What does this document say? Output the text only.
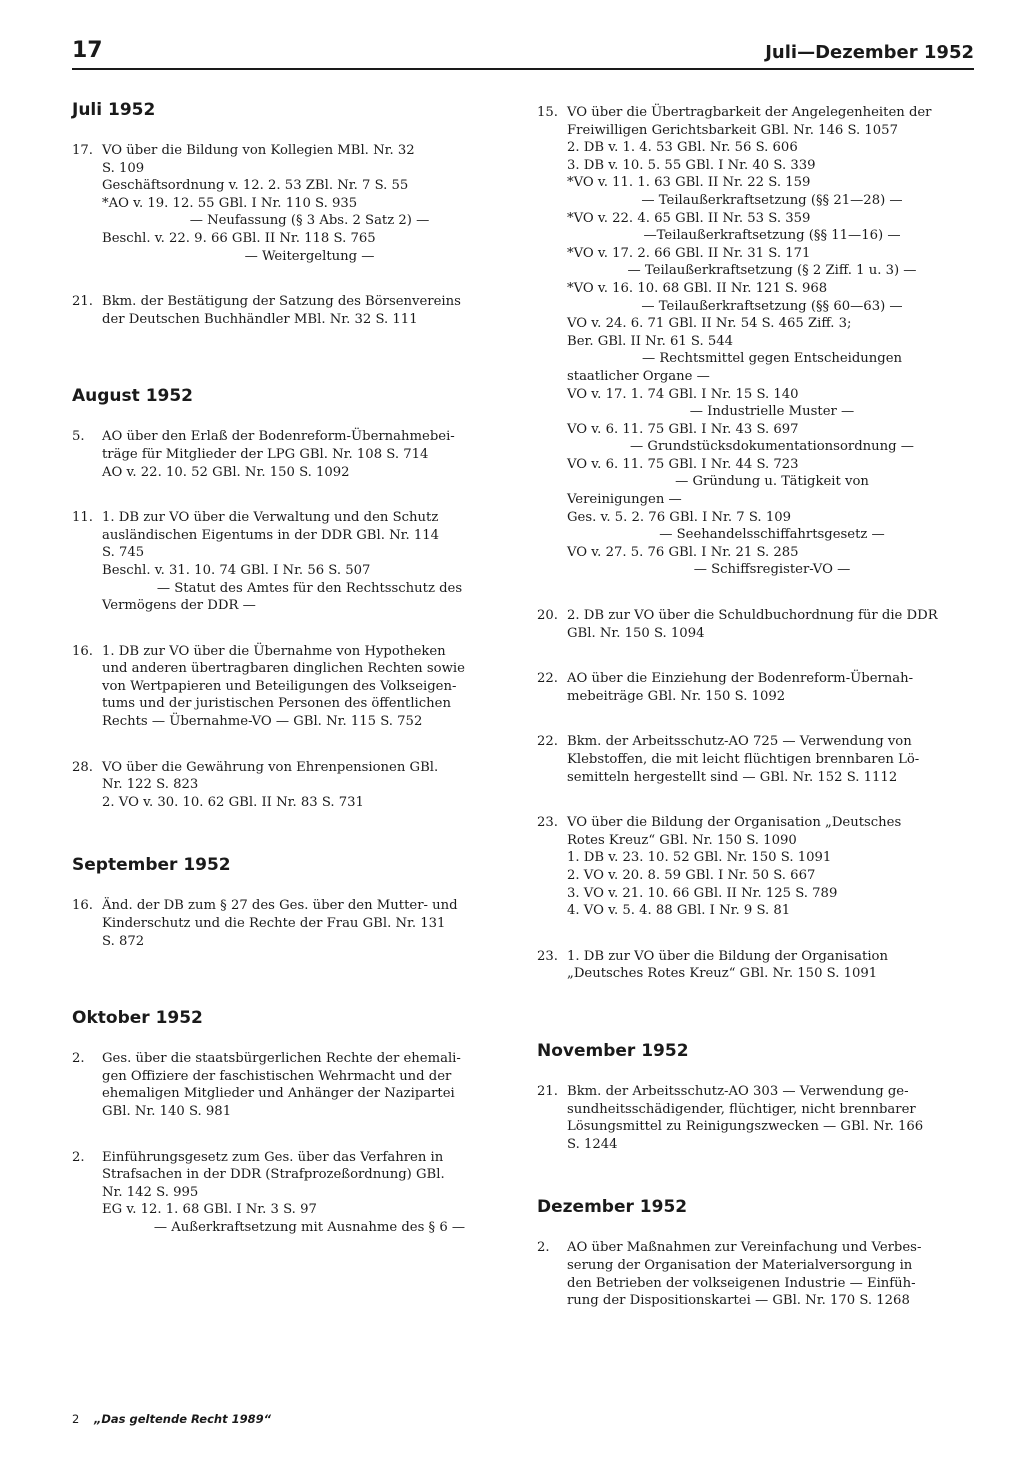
17	Juli—Dezember 1952
Juli 1952
17. VO über die Bildung von Kollegien MBl. Nr. 32
S. 109
Geschäftsordnung v. 12. 2. 53 ZBl. Nr. 7 S. 55
*AO v. 19. 12. 55 GBl. I Nr. 110 S. 935
— Neufassung (§ 3 Abs. 2 Satz 2) —
Beschl. v. 22. 9. 66 GBl. II Nr. 118 S. 765
— Weitergeltung —
21. Bkm. der Bestätigung der Satzung des Börsenvereins
der Deutschen Buchhändler MBl. Nr. 32 S. 111
August 1952
5.	AO über den Erlaß der Bodenreform-Übernahmebei-
träge für Mitglieder der LPG GBl. Nr. 108 S. 714
AO v. 22. 10. 52 GBl. Nr. 150 S. 1092
11. 1. DB zur VO über die Verwaltung und den Schutz
ausländischen Eigentums in der DDR GBl. Nr. 114
S. 745
Beschl. v. 31. 10. 74 GBl. I Nr. 56 S. 507
— Statut des Amtes für den Rechtsschutz des
Vermögens der DDR —
16. 1. DB zur VO über die Übernahme von Hypotheken
und anderen übertragbaren dinglichen Rechten sowie
von Wertpapieren und Beteiligungen des Volkseigen-
tums und der juristischen Personen des öffentlichen
Rechts — Übernahme-VO — GBl. Nr. 115 S. 752
28. VO über die Gewährung von Ehrenpensionen GBl.
Nr. 122 S. 823
2. VO v. 30. 10. 62 GBl. II Nr. 83 S. 731
September 1952
16. Änd. der DB zum § 27 des Ges. über den Mutter- und
Kinderschutz und die Rechte der Frau GBl. Nr. 131
S. 872
Oktober 1952
2.	Ges. über die staatsbürgerlichen Rechte der ehemali-
gen Offiziere der faschistischen Wehrmacht und der
ehemaligen Mitglieder und Anhänger der Nazipartei
GBl. Nr. 140 S. 981
2.	Einführungsgesetz zum Ges. über das Verfahren in
Strafsachen in der DDR (Strafprozeßordnung) GBl.
Nr. 142 S. 995
EG v. 12. 1. 68 GBl. I Nr. 3 S. 97
— Außerkraftsetzung mit Ausnahme des § 6 —
15. VO über die Übertragbarkeit der Angelegenheiten der
Freiwilligen Gerichtsbarkeit GBl. Nr. 146 S. 1057
2. DB v. 1. 4. 53 GBl. Nr. 56 S. 606
3. DB v. 10. 5. 55 GBl. I Nr. 40 S. 339
*VO v. 11. 1. 63 GBl. II Nr. 22 S. 159
— Teilaußerkraftsetzung (§§ 21—28) —
*VO v. 22. 4. 65 GBl. II Nr. 53 S. 359
—Teilaußerkraftsetzung (§§ 11—16) —
*VO v. 17. 2. 66 GBl. II Nr. 31 S. 171
— Teilaußerkraftsetzung (§ 2 Ziff. 1 u. 3) —
*VO v. 16. 10. 68 GBl. II Nr. 121 S. 968
— Teilaußerkraftsetzung (§§ 60—63) —
VO v. 24. 6. 71 GBl. II Nr. 54 S. 465 Ziff. 3;
Ber. GBl. II Nr. 61 S. 544
— Rechtsmittel gegen Entscheidungen
staatlicher Organe —
VO v. 17. 1. 74 GBl. I Nr. 15 S. 140
— Industrielle Muster —
VO v. 6. 11. 75 GBl. I Nr. 43 S. 697
— Grundstücksdokumentationsordnung —
VO v. 6. 11. 75 GBl. I Nr. 44 S. 723
— Gründung u. Tätigkeit von
Vereinigungen —
Ges. v. 5. 2. 76 GBl. I Nr. 7 S. 109
— Seehandelsschiffahrtsgesetz —
VO v. 27. 5. 76 GBl. I Nr. 21 S. 285
— Schiffsregister-VO —
20. 2. DB zur VO über die Schuldbuchordnung für die DDR
GBl. Nr. 150 S. 1094
22. AO über die Einziehung der Bodenreform-Übernah-
mebeiträge GBl. Nr. 150 S. 1092
22. Bkm. der Arbeitsschutz-AO 725 — Verwendung von
Klebstoffen, die mit leicht flüchtigen brennbaren Lö-
semitteln hergestellt sind — GBl. Nr. 152 S. 1112
23. VO über die Bildung der Organisation „Deutsches
Rotes Kreuz“ GBl. Nr. 150 S. 1090
1. DB v. 23. 10. 52 GBl. Nr. 150 S. 1091
2. VO v. 20. 8. 59 GBl. I Nr. 50 S. 667
3. VO v. 21. 10. 66 GBl. II Nr. 125 S. 789
4. VO v. 5. 4. 88 GBl. I Nr. 9 S. 81
23. 1. DB zur VO über die Bildung der Organisation
„Deutsches Rotes Kreuz“ GBl. Nr. 150 S. 1091
November 1952
21. Bkm. der Arbeitsschutz-AO 303 — Verwendung ge-
sundheitsschädigender, flüchtiger, nicht brennbarer
Lösungsmittel zu Reinigungszwecken — GBl. Nr. 166
S. 1244
Dezember 1952
2.	AO über Maßnahmen zur Vereinfachung und Verbes-
serung der Organisation der Materialversorgung in
den Betrieben der volkseigenen Industrie — Einfüh-
rung der Dispositionskartei — GBl. Nr. 170 S. 1268
2 „Das geltende Recht 1989“
